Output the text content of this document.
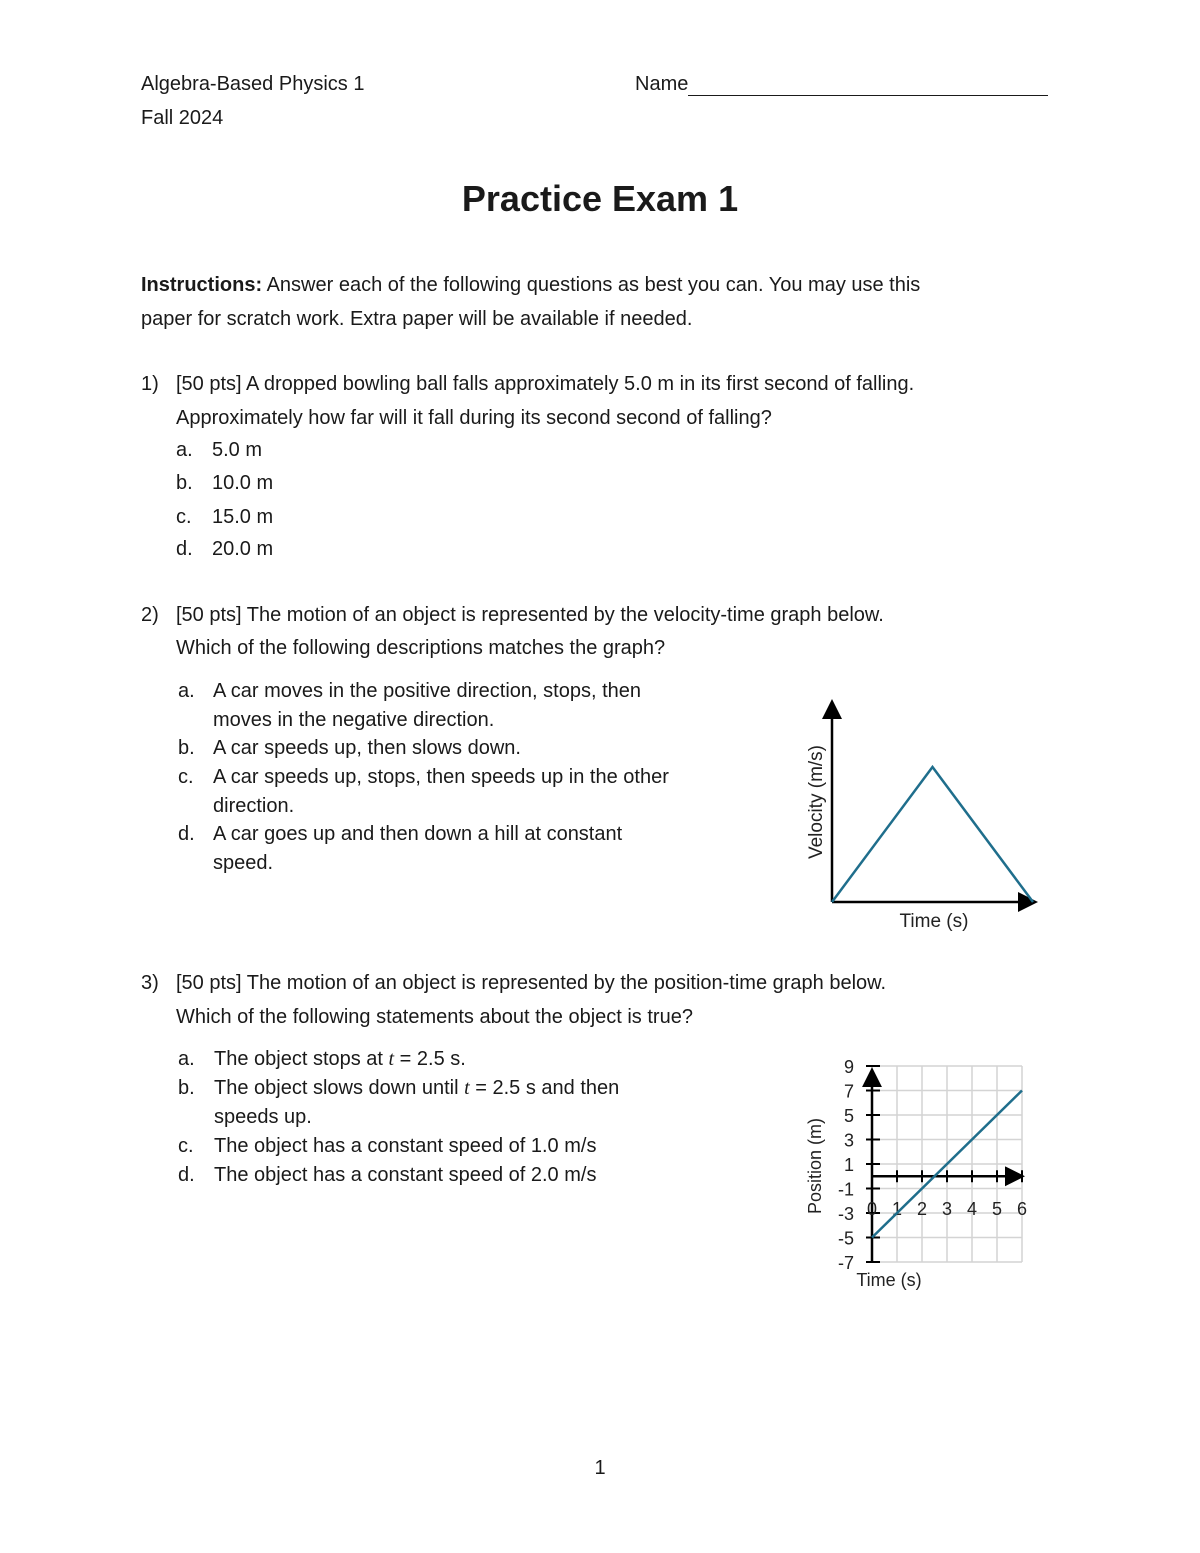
Algebra-Based Physics 1
Fall 2024
Name
Practice Exam 1
Instructions: Answer each of the following questions as best you can. You may use this
paper for scratch work. Extra paper will be available if needed.
1) [50 pts] A dropped bowling ball falls approximately 5.0 m in its first second of falling.
Approximately how far will it fall during its second second of falling?
a. 5.0 m
b. 10.0 m
c. 15.0 m
d. 20.0 m
2) [50 pts] The motion of an object is represented by the velocity-time graph below.
Which of the following descriptions matches the graph?
a. A car moves in the positive direction, stops, then
moves in the negative direction.
b. A car speeds up, then slows down.
c. A car speeds up, stops, then speeds up in the other
direction.
d. A car goes up and then down a hill at constant
speed.
Time (s)
Velocity (m/s)
3) [50 pts] The motion of an object is represented by the position-time graph below.
Which of the following statements about the object is true?
a. The object stops at t = 2.5 s.
b. The object slows down until t = 2.5 s and then
speeds up.
c. The object has a constant speed of 1.0 m/s
d. The object has a constant speed of 2.0 m/s
9
7
5
3
1
-1
-3
-5
-7
0 1 2 3 4 5 6
Time (s)
Position (m)
1
